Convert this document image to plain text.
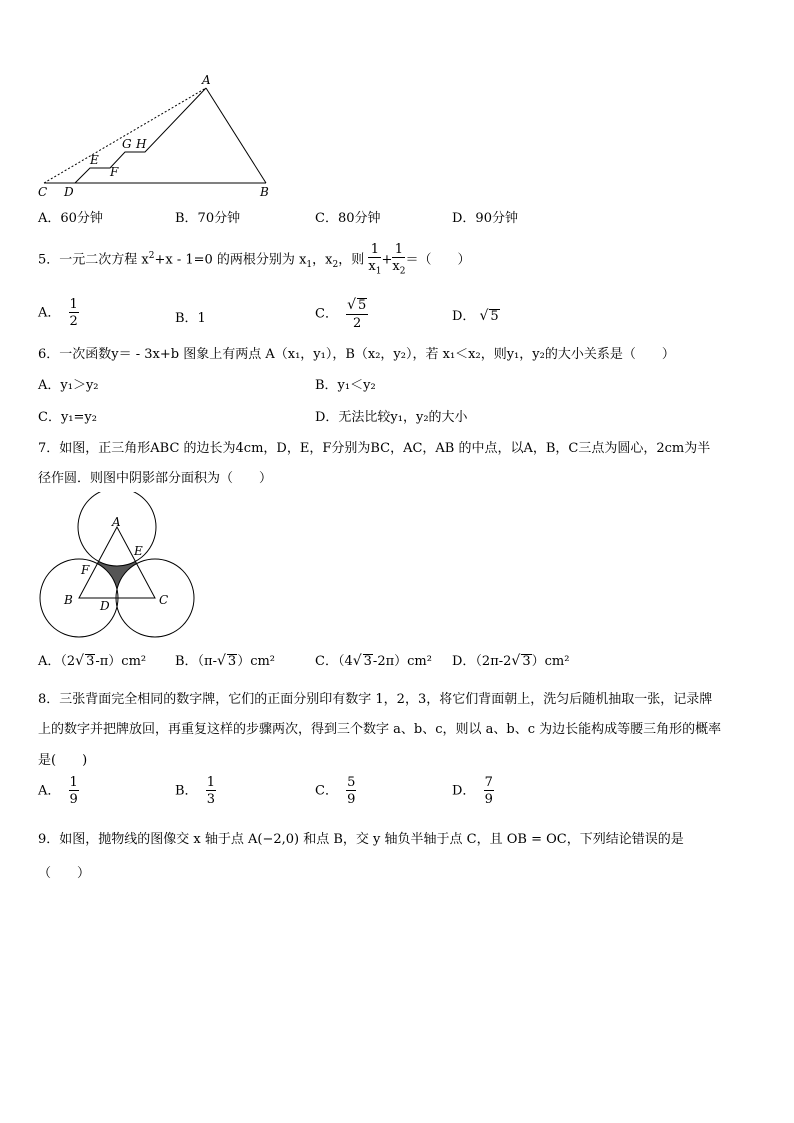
A
B
C D
E
F
G H
A．60分钟	B．70分钟	C．80分钟	D．90分钟
5．一元二次方程 $x^2+x - 1=0$ 的两根分别为 $x_1$，$x_2$，则 $\frac{1}{x_1} + \frac{1}{x_2}$ ＝（　　）
A． $\frac{1}{2}$	B．1	C． $\frac{√ 5}{2}$	D． √ 5
6．一次函数y＝ - 3x+b 图象上有两点 A（x₁，y₁），B（x₂，y₂），若 x₁＜x₂，则y₁，y₂的大小关系是（　　）
A．y₁＞y₂	B．y₁＜y₂
C．y₁=y₂	D．无法比较y₁，y₂的大小
7．如图，正三角形ABC 的边长为4cm，D，E，F分别为BC，AC，AB 的中点，以A，B，C三点为圆心，2cm为半
径作圆．则图中阴影部分面积为（　　）
A
B	C
D
E
F
A．（2√ 3-π）cm² B．（π-√ 3）cm²	C．（4√ 3-2π）cm² D．（2π-2√ 3）cm²
8．三张背面完全相同的数字牌，它们的正面分别印有数字 1，2，3，将它们背面朝上，洗匀后随机抽取一张，记录牌
上的数字并把牌放回，再重复这样的步骤两次，得到三个数字 a、b、c，则以 a、b、c 为边长能构成等腰三角形的概率
是(　　)
A． $\frac{1}{9}$	B． $\frac{1}{3}$	C． $\frac{5}{9}$	D． $\frac{7}{9}$
9．如图，抛物线的图像交 x 轴于点 A(−2,0) 和点 B，交 y 轴负半轴于点 C，且 OB = OC，下列结论错误的是
（　　）
